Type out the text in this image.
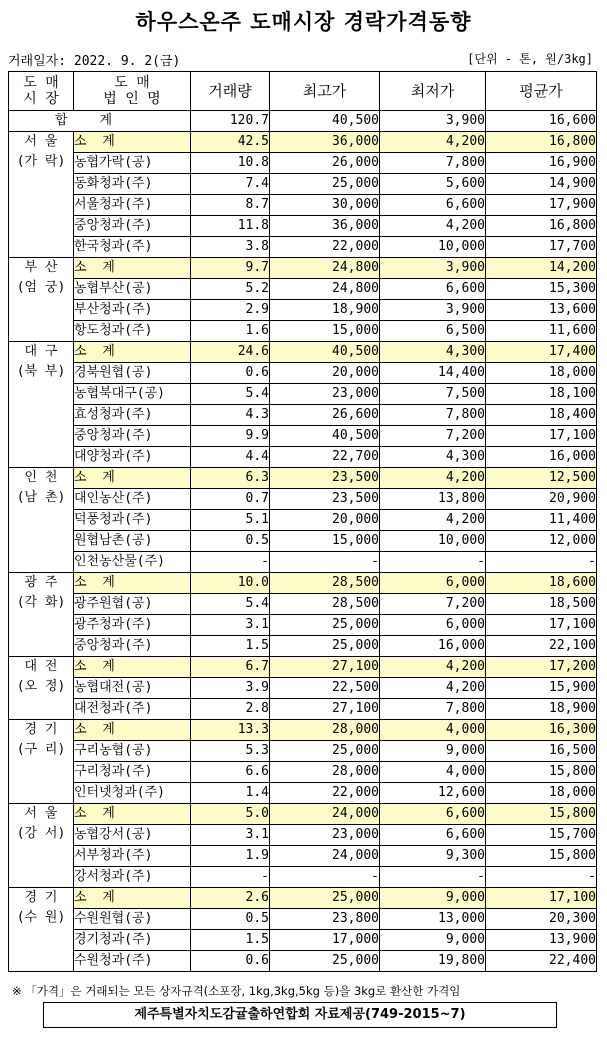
하우스온주 도매시장 경락가격동향
거래일자: 2022. 9. 2(금)	[단위 - 톤, 원/3kg]
도 매
시 장	도 매
법 인 명	거래량	최고가	최저가	평균가
합계		120.7	40,500	3,900	16,600

서 울
(가 락)	소  계	42.5	36,000	4,200	16,800
	농협가락(공)	10.8	26,000	7,800	16,900
	동화청과(주)	7.4	25,000	5,600	14,900
	서울청과(주)	8.7	30,000	6,600	17,900
	중앙청과(주)	11.8	36,000	4,200	16,800
	한국청과(주)	3.8	22,000	10,000	17,700

부 산
(엄 궁)	소  계	9.7	24,800	3,900	14,200
	농협부산(공)	5.2	24,800	6,600	15,300
	부산청과(주)	2.9	18,900	3,900	13,600
	항도청과(주)	1.6	15,000	6,500	11,600

대 구
(북 부)	소  계	24.6	40,500	4,300	17,400
	경북원협(공)	0.6	20,000	14,400	18,000
	농협북대구(공)	5.4	23,000	7,500	18,100
	효성청과(주)	4.3	26,600	7,800	18,400
	중앙청과(주)	9.9	40,500	7,200	17,100
	대양청과(주)	4.4	22,700	4,300	16,000

인 천
(남 촌)	소  계	6.3	23,500	4,200	12,500
	대인농산(주)	0.7	23,500	13,800	20,900
	덕풍청과(주)	5.1	20,000	4,200	11,400
	원협남촌(공)	0.5	15,000	10,000	12,000
	인천농산물(주)	-	-	-	-

광 주
(각 화)	소  계	10.0	28,500	6,000	18,600
	광주원협(공)	5.4	28,500	7,200	18,500
	광주청과(주)	3.1	25,000	6,000	17,100
	중앙청과(주)	1.5	25,000	16,000	22,100

대 전
(오 정)	소  계	6.7	27,100	4,200	17,200
	농협대전(공)	3.9	22,500	4,200	15,900
	대전청과(주)	2.8	27,100	7,800	18,900

경 기
(구 리)	소  계	13.3	28,000	4,000	16,300
	구리농협(공)	5.3	25,000	9,000	16,500
	구리청과(주)	6.6	28,000	4,000	15,800
	인터넷청과(주)	1.4	22,000	12,600	18,000

서 울
(강 서)	소  계	5.0	24,000	6,600	15,800
	농협강서(공)	3.1	23,000	6,600	15,700
	서부청과(주)	1.9	24,000	9,300	15,800
	강서청과(주)	-	-	-	-

경 기
(수 원)	소  계	2.6	25,000	9,000	17,100
	수원원협(공)	0.5	23,800	13,000	20,300
	경기청과(주)	1.5	17,000	9,000	13,900
	수원청과(주)	0.6	25,000	19,800	22,400
※ 「가격」은 거래되는 모든 상자규격(소포장, 1kg,3kg,5kg 등)을 3kg로 환산한 가격임
제주특별자치도감귤출하연합회 자료제공(749-2015~7)
